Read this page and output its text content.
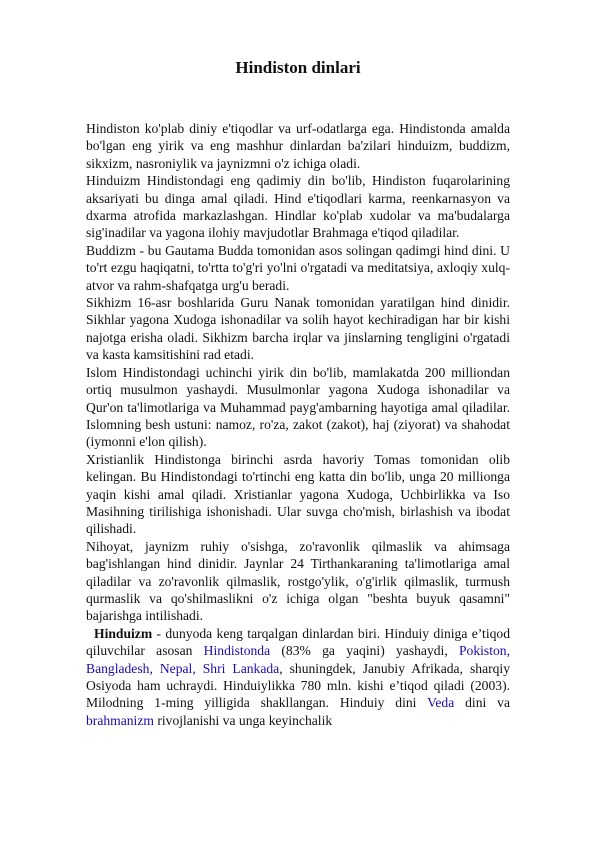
Hindiston dinlari

Hindiston ko'plab diniy e'tiqodlar va urf-odatlarga ega. Hindistonda amalda bo'lgan eng yirik va eng mashhur dinlardan ba'zilari hinduizm, buddizm, sikxizm, nasroniylik va jaynizmni o'z ichiga oladi.

Hinduizm Hindistondagi eng qadimiy din bo'lib, Hindiston fuqarolarining aksariyati bu dinga amal qiladi. Hind e'tiqodlari karma, reenkarnasyon va dxarma atrofida markazlashgan. Hindlar ko'plab xudolar va ma'budalarga sig'inadilar va yagona ilohiy mavjudotlar Brahmaga e'tiqod qiladilar.

Buddizm - bu Gautama Budda tomonidan asos solingan qadimgi hind dini. U to'rt ezgu haqiqatni, to'rtta to'g'ri yo'lni o'rgatadi va meditatsiya, axloqiy xulq-atvor va rahm-shafqatga urg'u beradi.

Sikhizm 16-asr boshlarida Guru Nanak tomonidan yaratilgan hind dinidir. Sikhlar yagona Xudoga ishonadilar va solih hayot kechiradigan har bir kishi najotga erisha oladi. Sikhizm barcha irqlar va jinslarning tengligini o'rgatadi va kasta kamsitishini rad etadi.

Islom Hindistondagi uchinchi yirik din bo'lib, mamlakatda 200 milliondan ortiq musulmon yashaydi. Musulmonlar yagona Xudoga ishonadilar va Qur'on ta'limotlariga va Muhammad payg'ambarning hayotiga amal qiladilar. Islomning besh ustuni: namoz, ro'za, zakot (zakot), haj (ziyorat) va shahodat (iymonni e'lon qilish).

Xristianlik Hindistonga birinchi asrda havoriy Tomas tomonidan olib kelingan. Bu Hindistondagi to'rtinchi eng katta din bo'lib, unga 20 millionga yaqin kishi amal qiladi. Xristianlar yagona Xudoga, Uchbirlikka va Iso Masihning tirilishiga ishonishadi. Ular suvga cho'mish, birlashish va ibodat qilishadi.

Nihoyat, jaynizm ruhiy o'sishga, zo'ravonlik qilmaslik va ahimsaga bag'ishlangan hind dinidir. Jaynlar 24 Tirthankaraning ta'limotlariga amal qiladilar va zo'ravonlik qilmaslik, rostgo'ylik, o'g'irlik qilmaslik, turmush qurmaslik va qo'shilmaslikni o'z ichiga olgan "beshta buyuk qasamni" bajarishga intilishadi.

Hinduizm - dunyoda keng tarqalgan dinlardan biri. Hinduiy diniga e’tiqod qiluvchilar asosan Hindistonda (83% ga yaqini) yashaydi, Pokiston, Bangladesh, Nepal, Shri Lankada, shuningdek, Janubiy Afrikada, sharqiy Osiyoda ham uchraydi. Hinduiylikka 780 mln. kishi e’tiqod qiladi (2003). Milodning 1-ming yilligida shakllangan. Hinduiy dini Veda dini va brahmanizm rivojlanishi va unga keyinchalik
